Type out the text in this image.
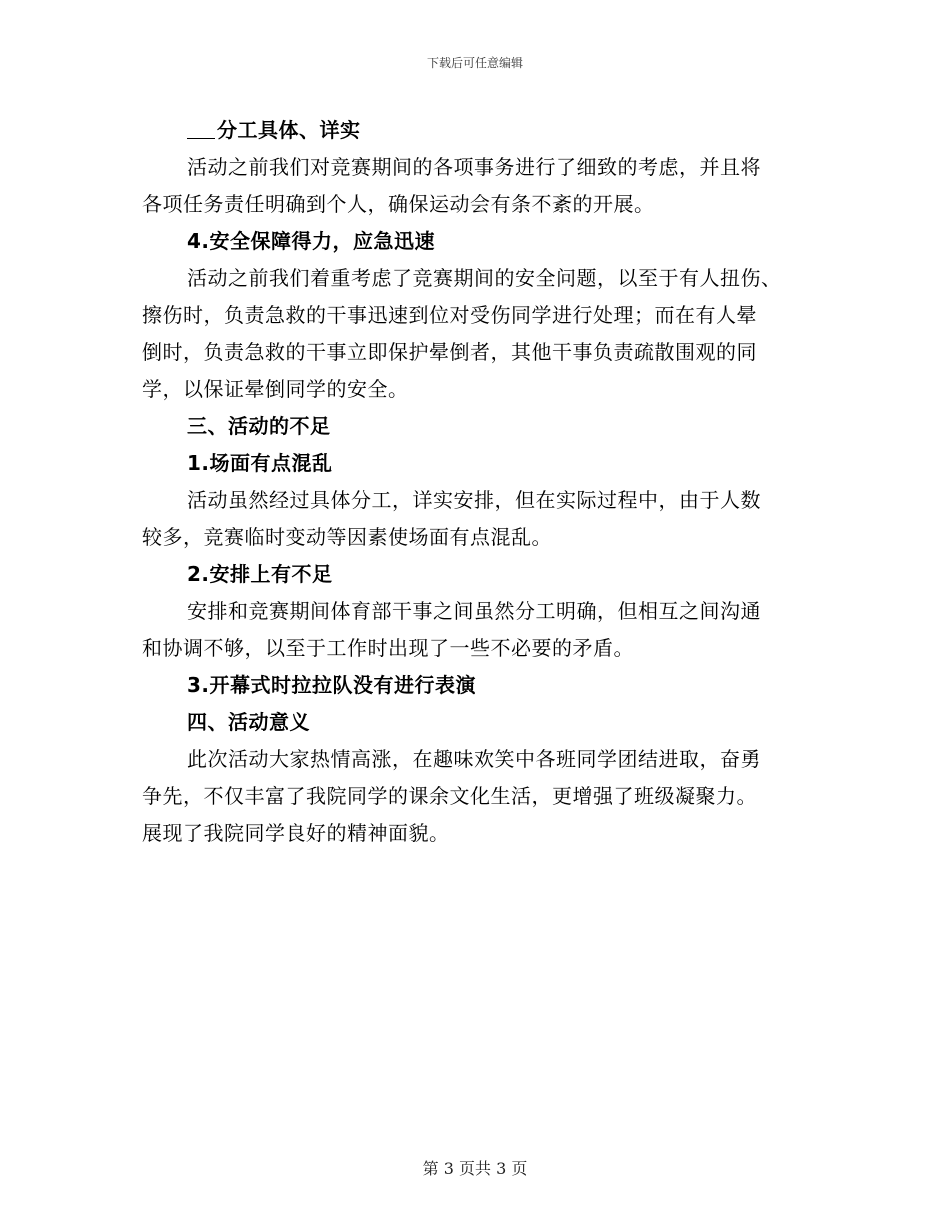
下载后可任意编辑
分工具体、详实
活动之前我们对竞赛期间的各项事务进行了细致的考虑，并且将
各项任务责任明确到个人，确保运动会有条不紊的开展。
4.安全保障得力，应急迅速
活动之前我们着重考虑了竞赛期间的安全问题，以至于有人扭伤、
擦伤时，负责急救的干事迅速到位对受伤同学进行处理；而在有人晕
倒时，负责急救的干事立即保护晕倒者，其他干事负责疏散围观的同
学，以保证晕倒同学的安全。
三、活动的不足
1.场面有点混乱
活动虽然经过具体分工，详实安排，但在实际过程中，由于人数
较多，竞赛临时变动等因素使场面有点混乱。
2.安排上有不足
安排和竞赛期间体育部干事之间虽然分工明确，但相互之间沟通
和协调不够，以至于工作时出现了一些不必要的矛盾。
3.开幕式时拉拉队没有进行表演
四、活动意义
此次活动大家热情高涨，在趣味欢笑中各班同学团结进取，奋勇
争先，不仅丰富了我院同学的课余文化生活，更增强了班级凝聚力。
展现了我院同学良好的精神面貌。
第 3 页共 3 页
